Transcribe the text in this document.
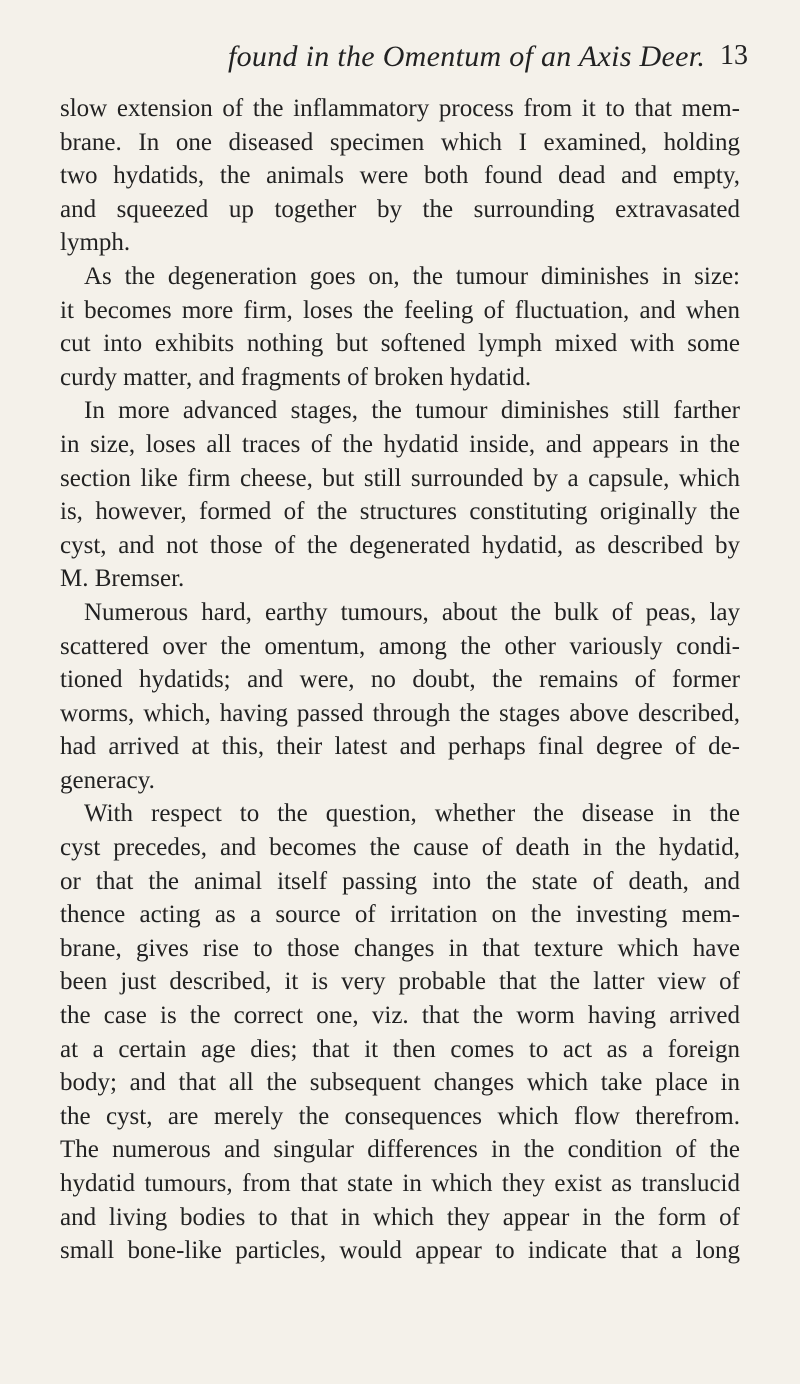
found in the Omentum of an Axis Deer. 13
slow extension of the inflammatory process from it to that mem-
brane. In one diseased specimen which I examined, holding
two hydatids, the animals were both found dead and empty,
and squeezed up together by the surrounding extravasated
lymph.
As the degeneration goes on, the tumour diminishes in size:
it becomes more firm, loses the feeling of fluctuation, and when
cut into exhibits nothing but softened lymph mixed with some
curdy matter, and fragments of broken hydatid.
In more advanced stages, the tumour diminishes still farther
in size, loses all traces of the hydatid inside, and appears in the
section like firm cheese, but still surrounded by a capsule, which
is, however, formed of the structures constituting originally the
cyst, and not those of the degenerated hydatid, as described by
M. Bremser.
Numerous hard, earthy tumours, about the bulk of peas, lay
scattered over the omentum, among the other variously condi-
tioned hydatids; and were, no doubt, the remains of former
worms, which, having passed through the stages above described,
had arrived at this, their latest and perhaps final degree of de-
generacy.
With respect to the question, whether the disease in the
cyst precedes, and becomes the cause of death in the hydatid,
or that the animal itself passing into the state of death, and
thence acting as a source of irritation on the investing mem-
brane, gives rise to those changes in that texture which have
been just described, it is very probable that the latter view of
the case is the correct one, viz. that the worm having arrived
at a certain age dies; that it then comes to act as a foreign
body; and that all the subsequent changes which take place in
the cyst, are merely the consequences which flow therefrom.
The numerous and singular differences in the condition of the
hydatid tumours, from that state in which they exist as translucid
and living bodies to that in which they appear in the form of
small bone-like particles, would appear to indicate that a long
